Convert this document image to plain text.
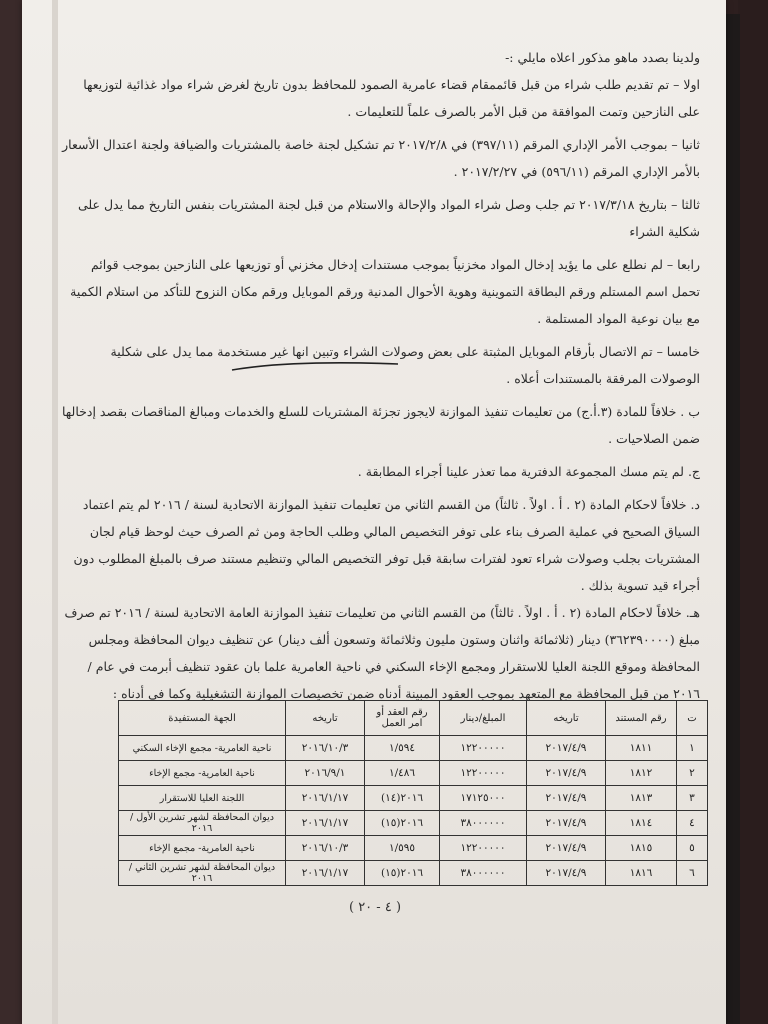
ولدينا بصدد ماهو مذكور اعلاه مايلي :-

اولا – تم تقديم طلب شراء من قبل قائممقام قضاء عامرية الصمود للمحافظ بدون تاريخ لغرض شراء مواد غذائية لتوزيعها على النازحين وتمت الموافقة من قبل الأمر بالصرف علماً للتعليمات .

ثانيا – بموجب الأمر الإداري المرقم (٣٩٧/١١) في ٢٠١٧/٢/٨ تم تشكيل لجنة خاصة بالمشتريات والضيافة ولجنة اعتدال الأسعار بالأمر الإداري المرقم (٥٩٦/١١) في ٢٠١٧/٢/٢٧ .

ثالثا – بتاريخ ٢٠١٧/٣/١٨ تم جلب وصل شراء المواد والإحالة والاستلام من قبل لجنة المشتريات بنفس التاريخ مما يدل على شكلية الشراء

رابعا – لم نطلع على ما يؤيد إدخال المواد مخزنياً بموجب مستندات إدخال مخزني أو توزيعها على النازحين بموجب قوائم تحمل اسم المستلم ورقم البطاقة التموينية وهوية الأحوال المدنية ورقم الموبايل ورقم مكان النزوح للتأكد من استلام الكمية مع بيان نوعية المواد المستلمة .

خامسا – تم الاتصال بأرقام الموبايل المثبتة على بعض وصولات الشراء وتبين انها غير مستخدمة مما يدل على شكلية الوصولات المرفقة بالمستندات أعلاه .

ب . خلافاً للمادة (٣.أ.ج) من تعليمات تنفيذ الموازنة لايجوز تجزئة المشتريات للسلع والخدمات ومبالغ المناقصات بقصد إدخالها ضمن الصلاحيات .

ج. لم يتم مسك المجموعة الدفترية مما تعذر علينا أجراء المطابقة .

د. خلافاً لاحكام المادة (٢ . أ . اولاً . ثالثاً) من القسم الثاني من تعليمات تنفيذ الموازنة الاتحادية لسنة / ٢٠١٦ لم يتم اعتماد السياق الصحيح في عملية الصرف بناء على توفر التخصيص المالي وطلب الحاجة ومن ثم الصرف حيث لوحظ قيام لجان المشتريات بجلب وصولات شراء تعود لفترات سابقة قبل توفر التخصيص المالي وتنظيم مستند صرف بالمبلغ المطلوب دون أجراء قيد تسوية بذلك .

هـ. خلافاً لاحكام المادة (٢ . أ . اولاً . ثالثاً) من القسم الثاني من تعليمات تنفيذ الموازنة العامة الاتحادية لسنة / ٢٠١٦ تم صرف مبلغ (٣٦٢٣٩٠٠٠٠) دينار (ثلاثمائة واثنان وستون مليون وثلاثمائة وتسعون ألف دينار) عن تنظيف ديوان المحافظة ومجلس المحافظة وموقع اللجنة العليا للاستقرار ومجمع الإخاء السكني في ناحية العامرية علما بان عقود تنظيف أبرمت في عام / ٢٠١٦ من قبل المحافظة مع المتعهد بموجب العقود المبينة أدناه ضمن تخصيصات الموازنة التشغيلية وكما في أدناه :

ت	رقم المستند	تاريخه	المبلغ/دينار	رقم العقد أو امر العمل	تاريخه	الجهة المستفيدة
١	١٨١١	٢٠١٧/٤/٩	١٢٢٠٠٠٠٠	١/٥٩٤	٢٠١٦/١٠/٣	ناحية العامرية- مجمع الإخاء السكني
٢	١٨١٢	٢٠١٧/٤/٩	١٢٢٠٠٠٠٠	١/٤٨٦	٢٠١٦/٩/١	ناحية العامرية- مجمع الإخاء
٣	١٨١٣	٢٠١٧/٤/٩	١٧١٢٥٠٠٠	٢٠١٦(١٤)	٢٠١٦/١/١٧	اللجنة العليا للاستقرار
٤	١٨١٤	٢٠١٧/٤/٩	٣٨٠٠٠٠٠٠	٢٠١٦(١٥)	٢٠١٦/١/١٧	ديوان المحافظة لشهر تشرين الأول / ٢٠١٦
٥	١٨١٥	٢٠١٧/٤/٩	١٢٢٠٠٠٠٠	١/٥٩٥	٢٠١٦/١٠/٣	ناحية العامرية- مجمع الإخاء
٦	١٨١٦	٢٠١٧/٤/٩	٣٨٠٠٠٠٠٠	٢٠١٦(١٥)	٢٠١٦/١/١٧	ديوان المحافظة لشهر تشرين الثاني / ٢٠١٦
( ٤ - ٢٠ )
